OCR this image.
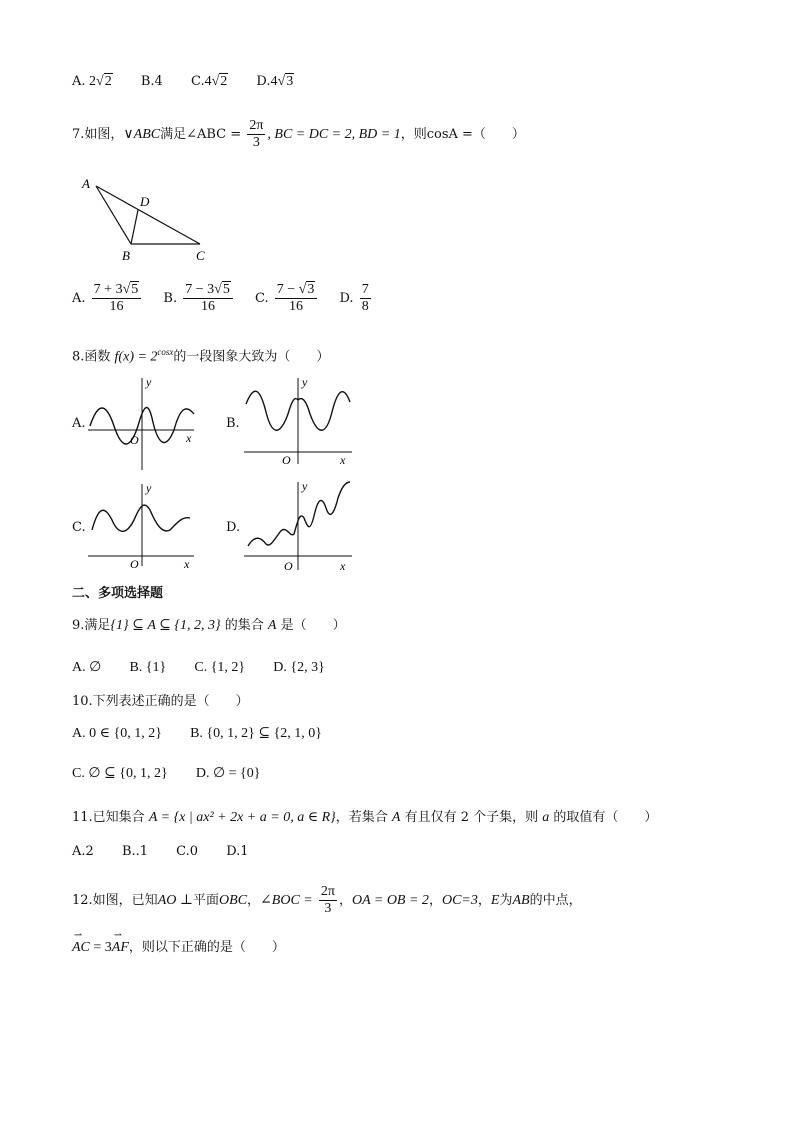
A. 2√2 B.4 C.4√2 D.4√3
7.如图，∨ABC满足∠ABC = $\frac{2\pi}{3}$ , BC = DC = 2, BD = 1，则cosA =（　　）
A
D
B	C
A. $\frac{7 + 3√5}{16} B$. $\frac{7 - 3√5}{16} C$. $\frac{7 - √3}{16} D$. $\frac{7}{8}$
8.函数 $f(x) = 2^{cosx}$的一段图象大致为（　　）
A.
y
x
O
B.
y
x
O
C.
y
x
O
D.
y
x
O
二、多项选择题
9.满足{1} ⊆ A ⊆ {1, 2, 3} 的集合 A 是（　　）
A. ∅ B. {1} C. {1, 2} D. {2, 3}
10.下列表述正确的是（　　）
A. 0 ∈ {0, 1, 2} B. {0, 1, 2} ⊆ {2, 1, 0}
C. ∅ ⊆ {0, 1, 2} D. ∅ = {0}
11.已知集合 A = {x | ax² + 2x + a = 0, a ∈ R}，若集合 A 有且仅有 2 个子集，则 a 的取值有（　　）
A.2 B..1 C.0 D.1
12.如图，已知AO ⊥平面OBC，∠BOC = $\frac{2\pi}{3}$ ，OA = OB = 2，OC=3，E为AB的中点，
⇀ AC = 3⇀ AF，则以下正确的是（　　）
